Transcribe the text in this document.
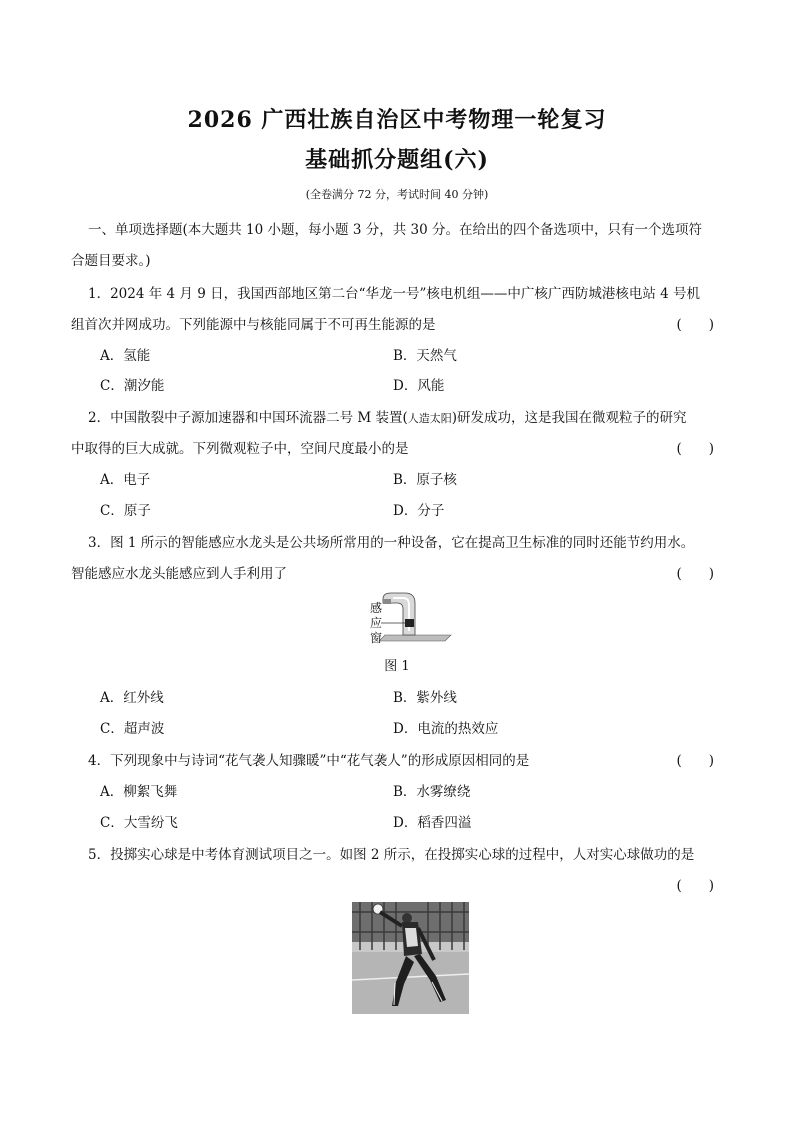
2026 广西壮族自治区中考物理一轮复习
基础抓分题组(六)
(全卷满分 72 分，考试时间 40 分钟)
一、单项选择题(本大题共 10 小题，每小题 3 分，共 30 分。在给出的四个备选项中，只有一个选项符
合题目要求。)
1．2024 年 4 月 9 日，我国西部地区第二台“华龙一号”核电机组——中广核广西防城港核电站 4 号机
组首次并网成功。下列能源中与核能同属于不可再生能源的是	(　　)
A．氢能	B．天然气
C．潮汐能	D．风能
2．中国散裂中子源加速器和中国环流器二号 M 装置(人造太阳)研发成功，这是我国在微观粒子的研究
中取得的巨大成就。下列微观粒子中，空间尺度最小的是	(　　)
A．电子	B．原子核
C．原子	D．分子
3．图 1 所示的智能感应水龙头是公共场所常用的一种设备，它在提高卫生标准的同时还能节约用水。
智能感应水龙头能感应到人手利用了	(　　)
感应窗
图 1
A．红外线	B．紫外线
C．超声波	D．电流的热效应
4．下列现象中与诗词“花气袭人知骤暖”中“花气袭人”的形成原因相同的是	(　　)
A．柳絮飞舞	B．水雾缭绕
C．大雪纷飞	D．稻香四溢
5．投掷实心球是中考体育测试项目之一。如图 2 所示，在投掷实心球的过程中，人对实心球做功的是
(　　)
